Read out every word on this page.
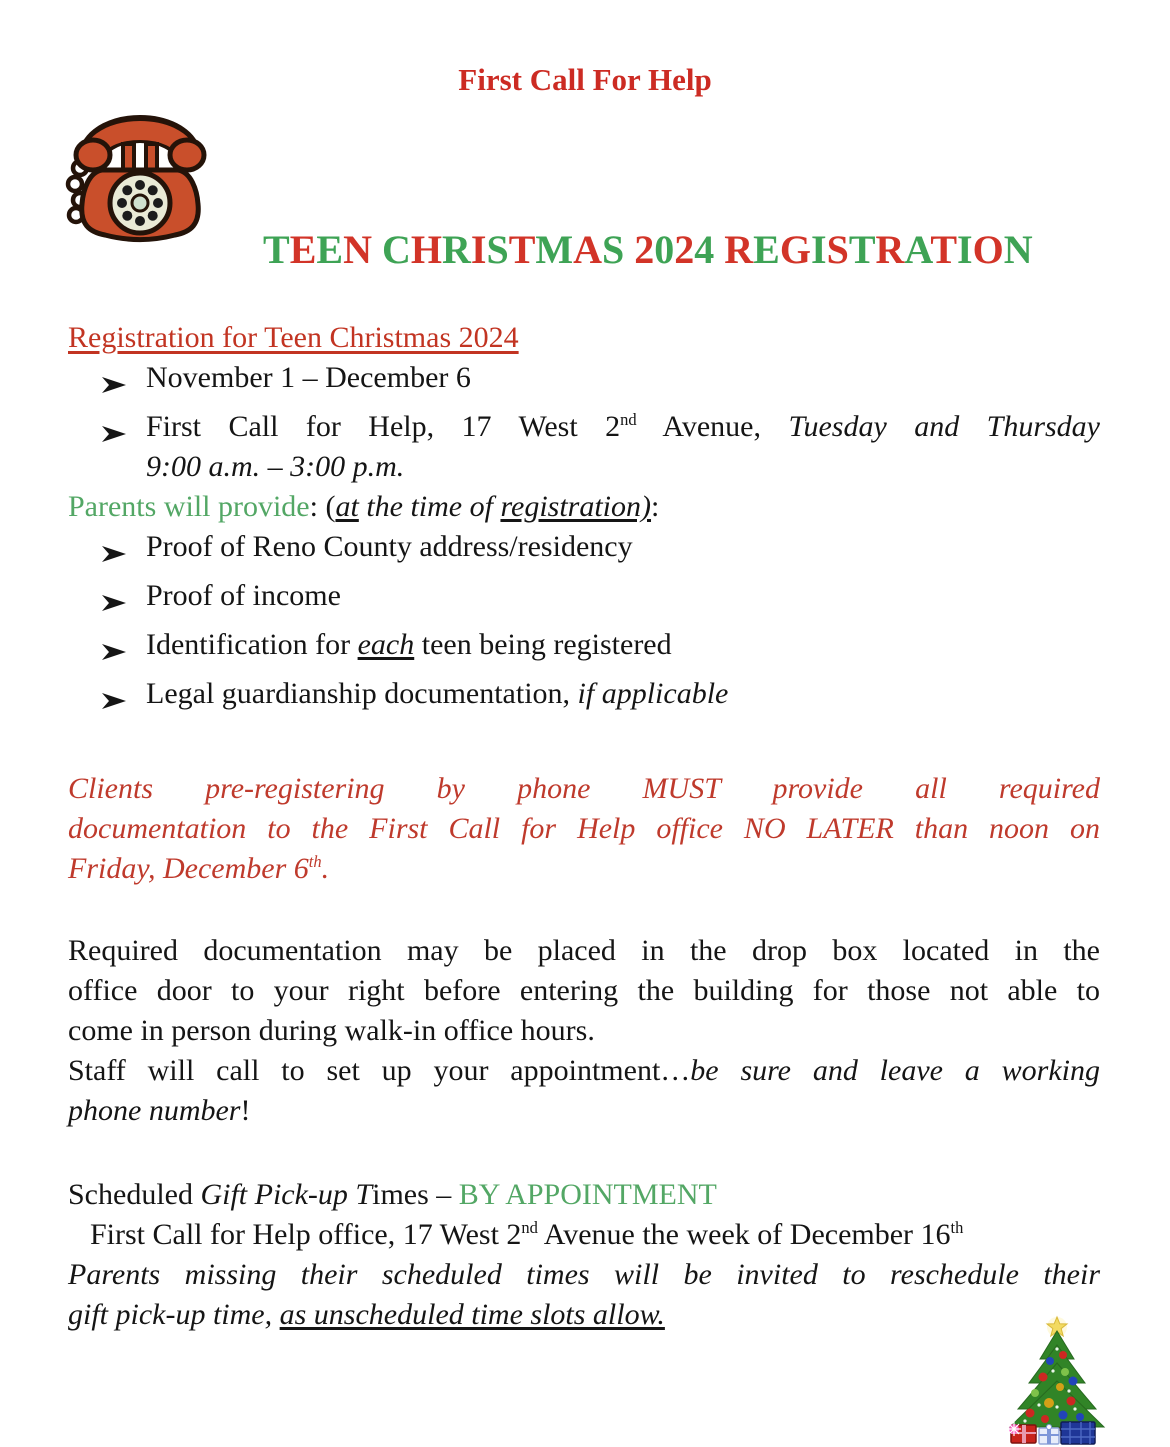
First Call For Help
TEEN CHRISTMAS 2024 REGISTRATION
Registration for Teen Christmas 2024
November 1 – December 6
First Call for Help, 17 West 2nd Avenue, Tuesday and Thursday
9:00 a.m. – 3:00 p.m.
Parents will provide: (at the time of registration):
Proof of Reno County address/residency
Proof of income
Identification for each teen being registered
Legal guardianship documentation, if applicable
Clients pre-registering by phone MUST provide all required
documentation to the First Call for Help office NO LATER than noon on
Friday, December 6th.
Required documentation may be placed in the drop box located in the
office door to your right before entering the building for those not able to
come in person during walk-in office hours.
Staff will call to set up your appointment…be sure and leave a working
phone number!
Scheduled Gift Pick-up Times – BY APPOINTMENT
First Call for Help office, 17 West 2nd Avenue the week of December 16th
Parents missing their scheduled times will be invited to reschedule their
gift pick-up time, as unscheduled time slots allow.
